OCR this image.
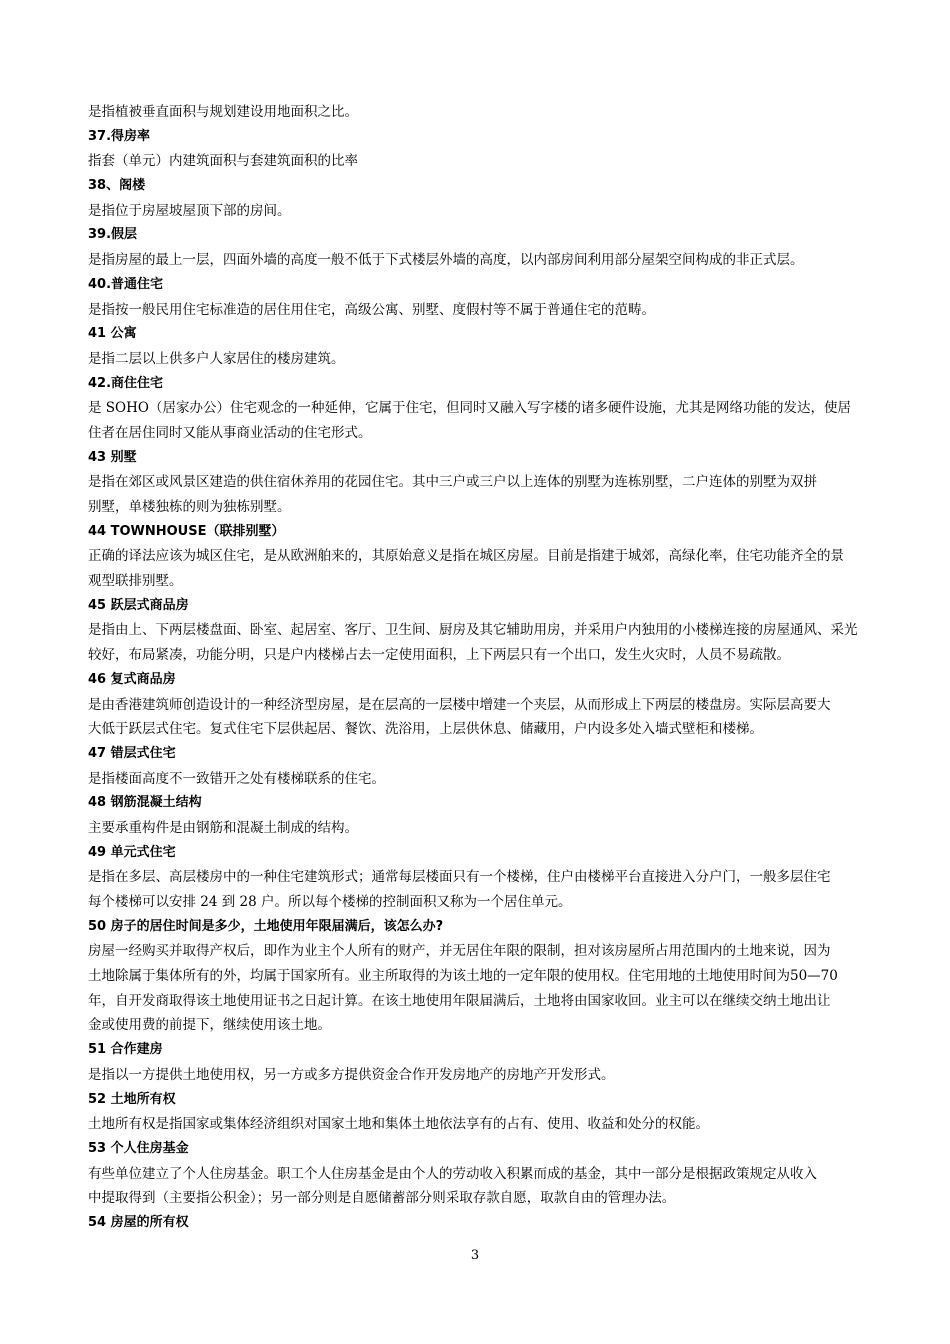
是指植被垂直面积与规划建设用地面积之比。
37.得房率
指套（单元）内建筑面积与套建筑面积的比率
38、阁楼
是指位于房屋坡屋顶下部的房间。
39.假层
是指房屋的最上一层，四面外墙的高度一般不低于下式楼层外墙的高度，以内部房间利用部分屋架空间构成的非正式层。
40.普通住宅
是指按一般民用住宅标准造的居住用住宅，高级公寓、别墅、度假村等不属于普通住宅的范畴。
41 公寓
是指二层以上供多户人家居住的楼房建筑。
42.商住住宅
是 SOHO（居家办公）住宅观念的一种延伸，它属于住宅，但同时又融入写字楼的诸多硬件设施，尤其是网络功能的发达，使居
住者在居住同时又能从事商业活动的住宅形式。
43 别墅
是指在郊区或风景区建造的供住宿休养用的花园住宅。其中三户或三户以上连体的别墅为连栋别墅，二户连体的别墅为双拼
别墅，单楼独栋的则为独栋别墅。
44 TOWNHOUSE（联排别墅）
正确的译法应该为城区住宅，是从欧洲舶来的，其原始意义是指在城区房屋。目前是指建于城郊，高绿化率，住宅功能齐全的景
观型联排别墅。
45 跃层式商品房
是指由上、下两层楼盘面、卧室、起居室、客厅、卫生间、厨房及其它辅助用房，并采用户内独用的小楼梯连接的房屋通风、采光
较好，布局紧凑，功能分明，只是户内楼梯占去一定使用面积，上下两层只有一个出口，发生火灾时，人员不易疏散。
46 复式商品房
是由香港建筑师创造设计的一种经济型房屋，是在层高的一层楼中增建一个夹层，从而形成上下两层的楼盘房。实际层高要大
大低于跃层式住宅。复式住宅下层供起居、餐饮、洗浴用，上层供休息、储藏用，户内设多处入墙式壁柜和楼梯。
47 错层式住宅
是指楼面高度不一致错开之处有楼梯联系的住宅。
48 钢筋混凝土结构
主要承重构件是由钢筋和混凝土制成的结构。
49 单元式住宅
是指在多层、高层楼房中的一种住宅建筑形式；通常每层楼面只有一个楼梯，住户由楼梯平台直接进入分户门，一般多层住宅
每个楼梯可以安排 24 到 28 户。所以每个楼梯的控制面积又称为一个居住单元。
50 房子的居住时间是多少，土地使用年限届满后，该怎么办?
房屋一经购买并取得产权后，即作为业主个人所有的财产，并无居住年限的限制，担对该房屋所占用范围内的土地来说，因为
土地除属于集体所有的外，均属于国家所有。业主所取得的为该土地的一定年限的使用权。住宅用地的土地使用时间为50—70
年，自开发商取得该土地使用证书之日起计算。在该土地使用年限届满后，土地将由国家收回。业主可以在继续交纳土地出让
金或使用费的前提下，继续使用该土地。
51 合作建房
是指以一方提供土地使用权，另一方或多方提供资金合作开发房地产的房地产开发形式。
52 土地所有权
土地所有权是指国家或集体经济组织对国家土地和集体土地依法享有的占有、使用、收益和处分的权能。
53 个人住房基金
有些单位建立了个人住房基金。职工个人住房基金是由个人的劳动收入积累而成的基金，其中一部分是根据政策规定从收入
中提取得到（主要指公积金）；另一部分则是自愿储蓄部分则采取存款自愿，取款自由的管理办法。
54 房屋的所有权
3
